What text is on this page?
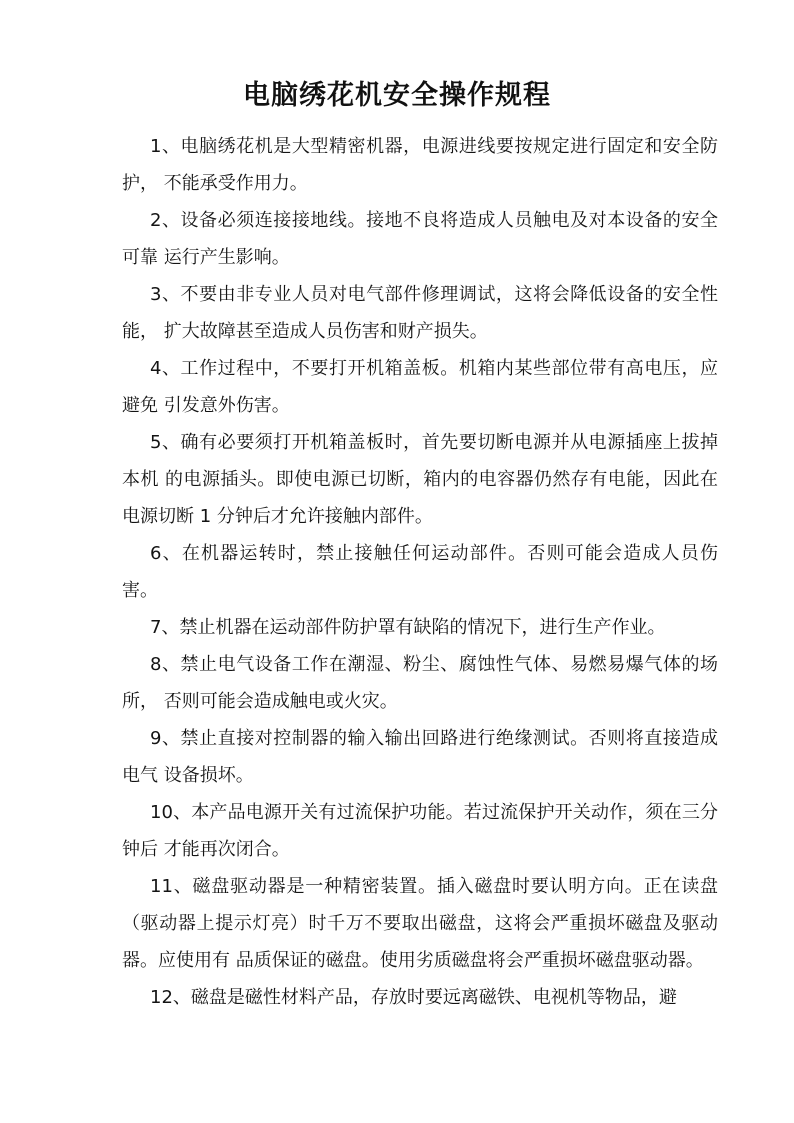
电脑绣花机安全操作规程

1、电脑绣花机是大型精密机器，电源进线要按规定进行固定和安全防护， 不能承受作用力。

2、设备必须连接接地线。接地不良将造成人员触电及对本设备的安全可靠 运行产生影响。

3、不要由非专业人员对电气部件修理调试，这将会降低设备的安全性能， 扩大故障甚至造成人员伤害和财产损失。

4、工作过程中，不要打开机箱盖板。机箱内某些部位带有高电压，应避免 引发意外伤害。

5、确有必要须打开机箱盖板时，首先要切断电源并从电源插座上拔掉本机 的电源插头。即使电源已切断，箱内的电容器仍然存有电能，因此在电源切断 1 分钟后才允许接触内部件。

6、在机器运转时，禁止接触任何运动部件。否则可能会造成人员伤害。

7、禁止机器在运动部件防护罩有缺陷的情况下，进行生产作业。

8、禁止电气设备工作在潮湿、粉尘、腐蚀性气体、易燃易爆气体的场所， 否则可能会造成触电或火灾。

9、禁止直接对控制器的输入输出回路进行绝缘测试。否则将直接造成电气 设备损坏。

10、本产品电源开关有过流保护功能。若过流保护开关动作，须在三分钟后 才能再次闭合。

11、磁盘驱动器是一种精密装置。插入磁盘时要认明方向。正在读盘（驱动器上提示灯亮）时千万不要取出磁盘，这将会严重损坏磁盘及驱动器。应使用有 品质保证的磁盘。使用劣质磁盘将会严重损坏磁盘驱动器。

12、磁盘是磁性材料产品，存放时要远离磁铁、电视机等物品，避
